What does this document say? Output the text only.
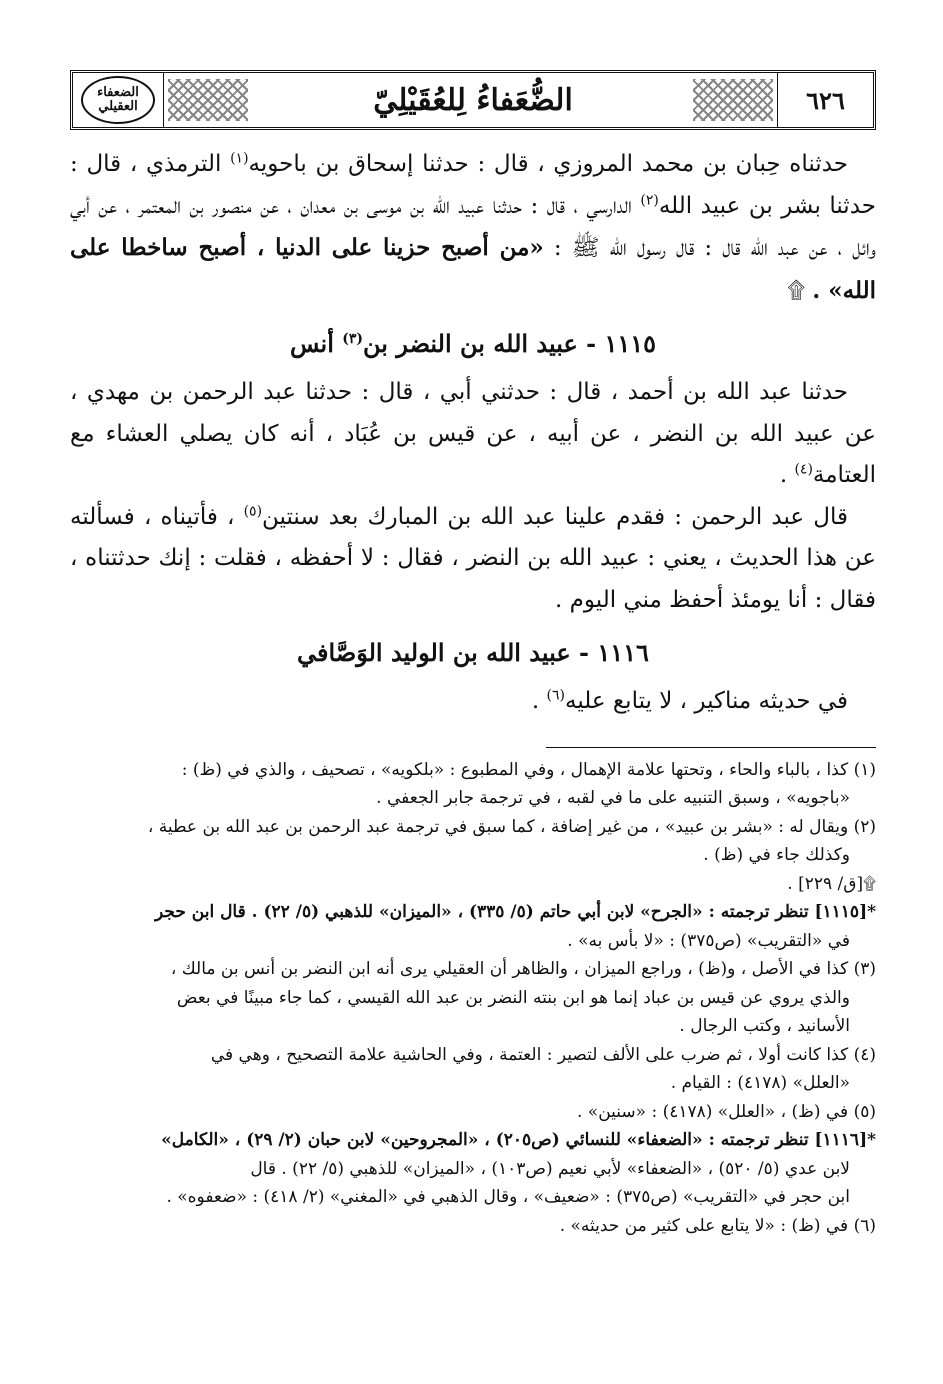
٦٢٦
الضُّعَفاءُ لِلعُقَيْلِيّ
الضعفاء العقيلي

حدثناه حِبان بن محمد المروزي ، قال : حدثنا إسحاق بن باحويه$^{(١)}$ الترمذي ، قال : حدثنا بشر بن عبيد الله$^{(٢)}$ الدارسي ، قال : حدثنا عبيد الله بن موسى بن معدان ، عن منصور بن المعتمر ، عن أبي وائل ، عن عبد الله قال : قال رسول الله ﷺ : «من أصبح حزينا على الدنيا ، أصبح ساخطا على الله» . ۩

١١١٥ - عبيد الله بن النضر بن$^{(٣)}$ أنس

حدثنا عبد الله بن أحمد ، قال : حدثني أبي ، قال : حدثنا عبد الرحمن بن مهدي ، عن عبيد الله بن النضر ، عن أبيه ، عن قيس بن عُبَاد ، أنه كان يصلي العشاء مع العتامة$^{(٤)}$ .

قال عبد الرحمن : فقدم علينا عبد الله بن المبارك بعد سنتين$^{(٥)}$ ، فأتيناه ، فسألته عن هذا الحديث ، يعني : عبيد الله بن النضر ، فقال : لا أحفظه ، فقلت : إنك حدثتناه ، فقال : أنا يومئذ أحفظ مني اليوم .

١١١٦ - عبيد الله بن الوليد الوَصَّافي

في حديثه مناكير ، لا يتابع عليه$^{(٦)}$ .

(١) كذا ، بالباء والحاء ، وتحتها علامة الإهمال ، وفي المطبوع : «بلكويه» ، تصحيف ، والذي في (ظ) :
«باجويه» ، وسبق التنبيه على ما في لقبه ، في ترجمة جابر الجعفي .

(٢) ويقال له : «بشر بن عبيد» ، من غير إضافة ، كما سبق في ترجمة عبد الرحمن بن عبد الله بن عطية ،
وكذلك جاء في (ظ) .

۩[ق/ ٢٢٩] .

*[١١١٥] تنظر ترجمته : «الجرح» لابن أبي حاتم (٥/ ٣٣٥) ، «الميزان» للذهبي (٥/ ٢٢) . قال ابن حجر
في «التقريب» (ص٣٧٥) : «لا بأس به» .

(٣) كذا في الأصل ، و(ظ) ، وراجع الميزان ، والظاهر أن العقيلي يرى أنه ابن النضر بن أنس بن مالك ،
والذي يروي عن قيس بن عباد إنما هو ابن بنته النضر بن عبد الله القيسي ، كما جاء مبينًا في بعض
الأسانيد ، وكتب الرجال .

(٤) كذا كانت أولا ، ثم ضرب على الألف لتصير : العتمة ، وفي الحاشية علامة التصحيح ، وهي في
«العلل» (٤١٧٨) : القيام .

(٥) في (ظ) ، «العلل» (٤١٧٨) : «سنين» .

*[١١١٦] تنظر ترجمته : «الضعفاء» للنسائي (ص٢٠٥) ، «المجروحين» لابن حبان (٢/ ٢٩) ، «الكامل»
لابن عدي (٥/ ٥٢٠) ، «الضعفاء» لأبي نعيم (ص١٠٣) ، «الميزان» للذهبي (٥/ ٢٢) . قال
ابن حجر في «التقريب» (ص٣٧٥) : «ضعيف» ، وقال الذهبي في «المغني» (٢/ ٤١٨) : «ضعفوه» .

(٦) في (ظ) : «لا يتابع على كثير من حديثه» .
